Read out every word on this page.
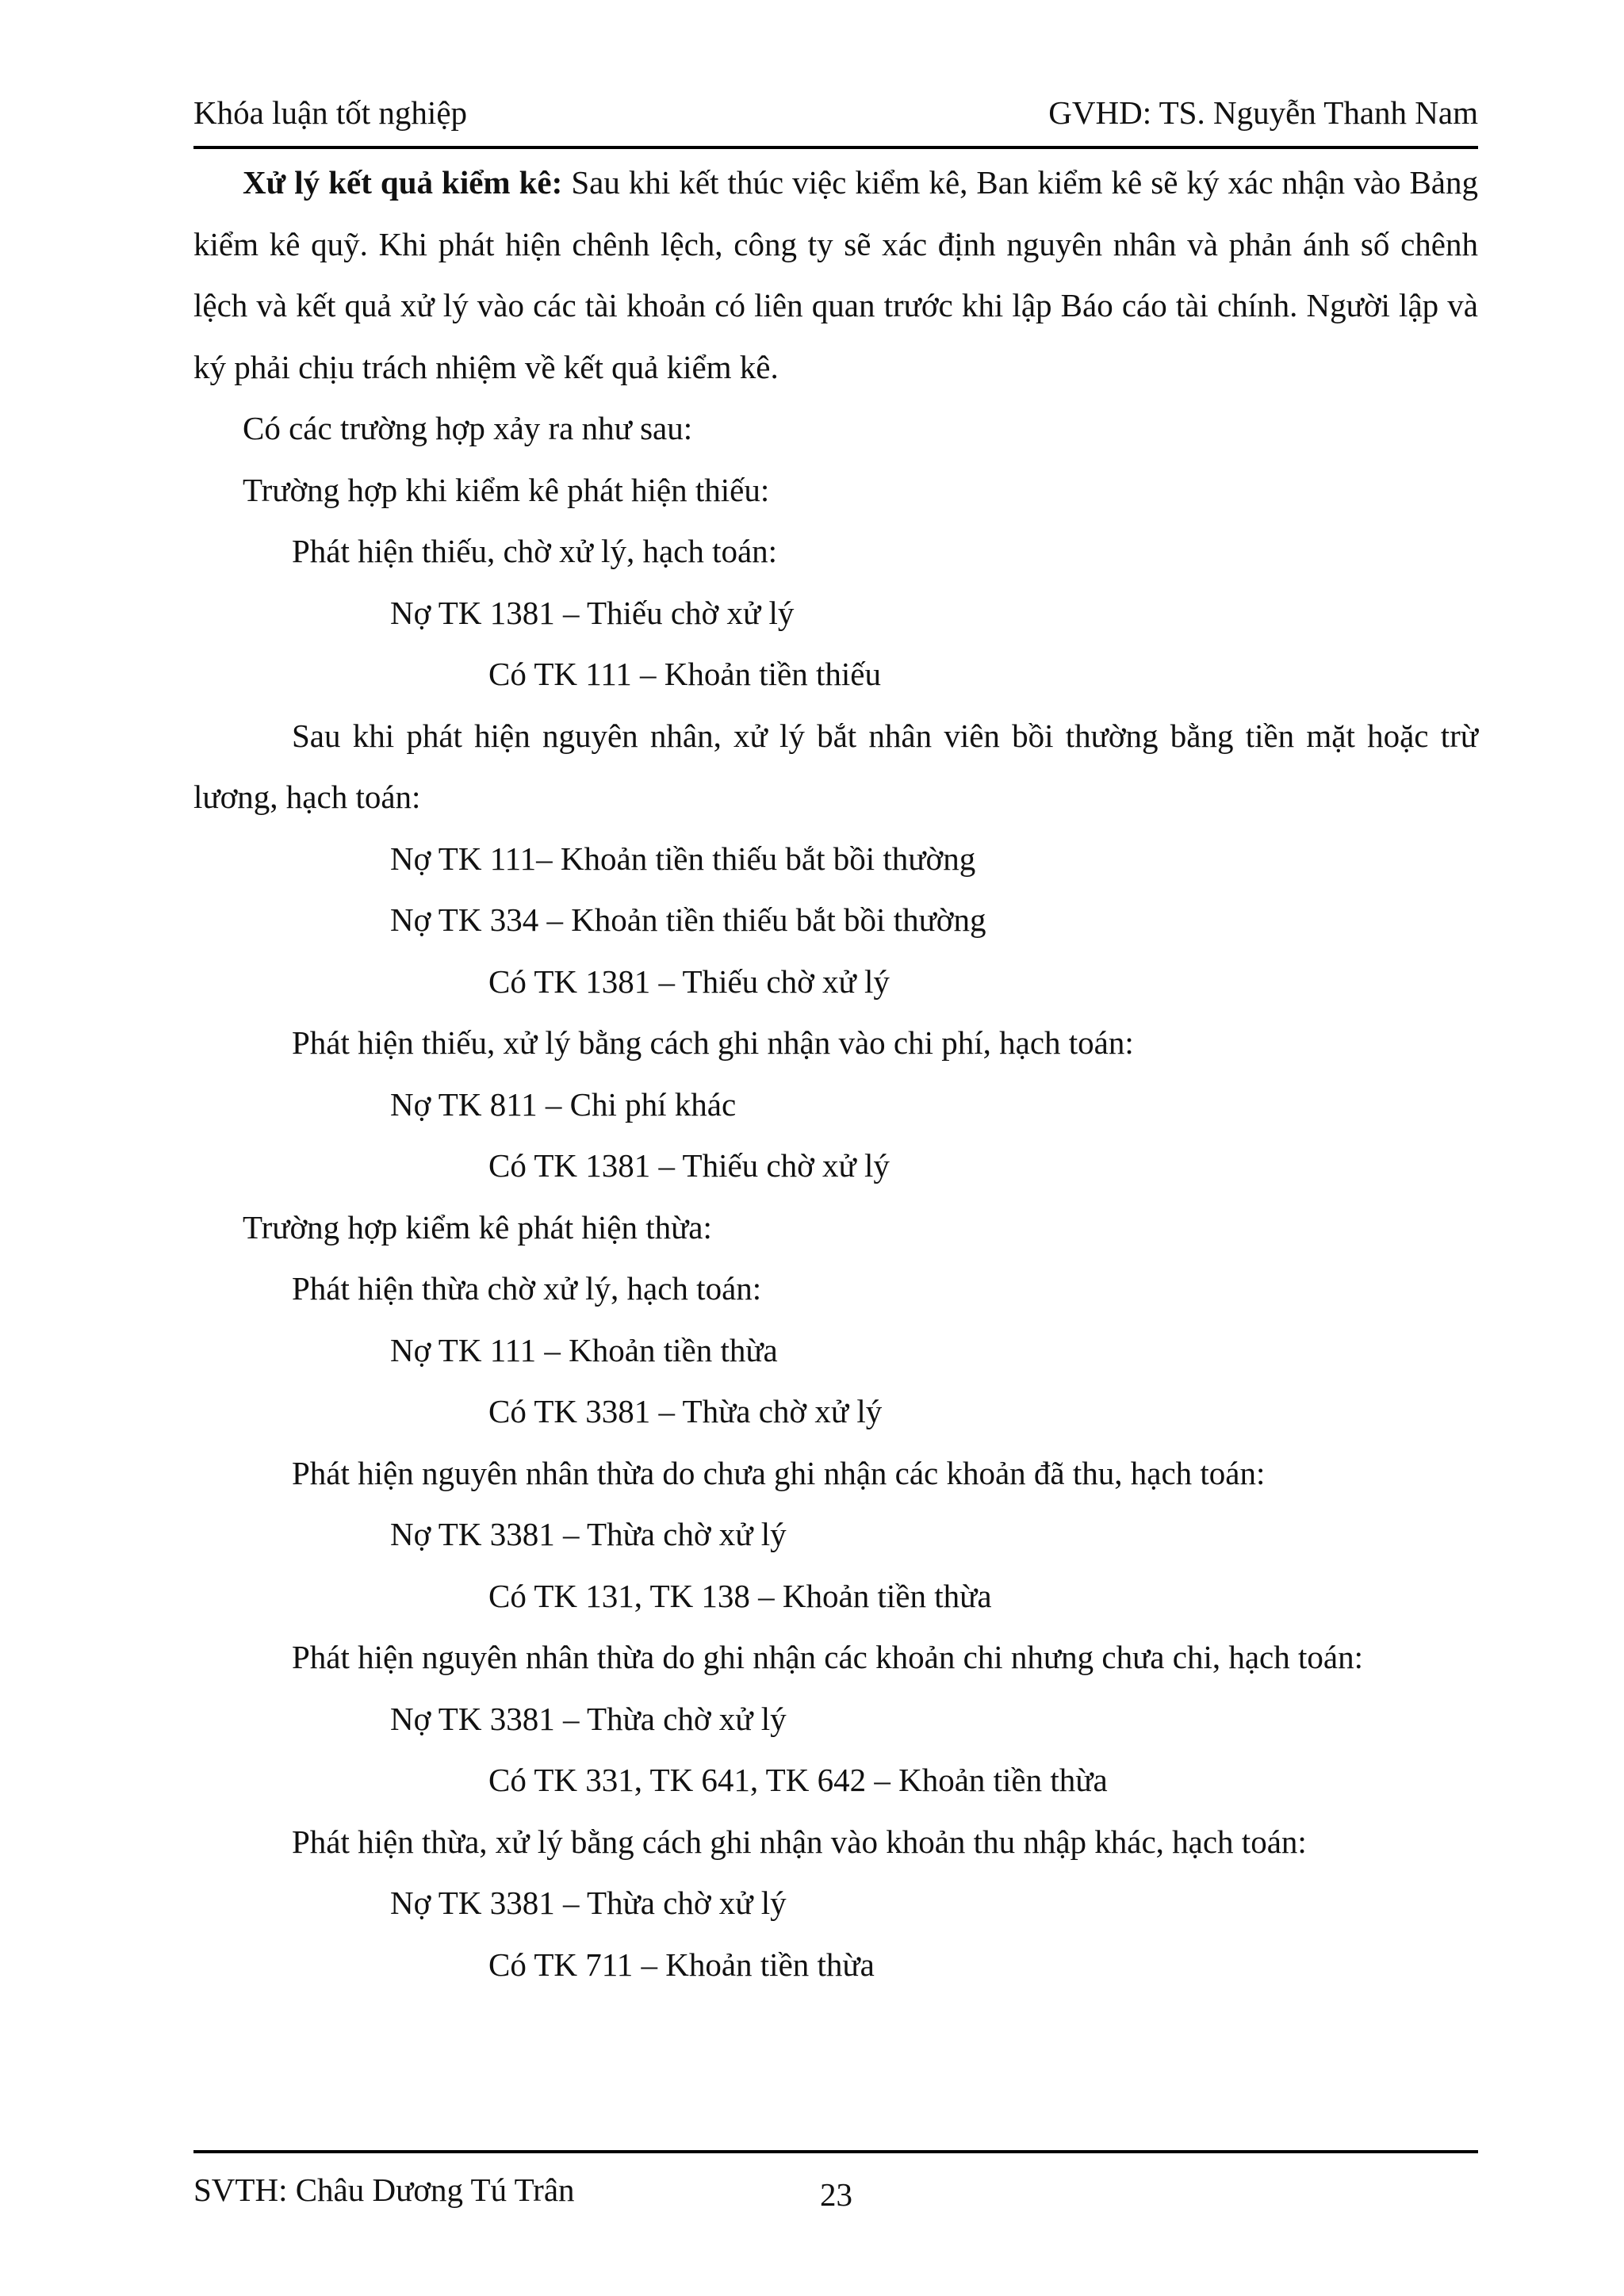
Khóa luận tốt nghiệp	GVHD: TS. Nguyễn Thanh Nam

Xử lý kết quả kiểm kê: Sau khi kết thúc việc kiểm kê, Ban kiểm kê sẽ ký xác nhận vào Bảng kiểm kê quỹ. Khi phát hiện chênh lệch, công ty sẽ xác định nguyên nhân và phản ánh số chênh lệch và kết quả xử lý vào các tài khoản có liên quan trước khi lập Báo cáo tài chính. Người lập và ký phải chịu trách nhiệm về kết quả kiểm kê.

Có các trường hợp xảy ra như sau:

Trường hợp khi kiểm kê phát hiện thiếu:

Phát hiện thiếu, chờ xử lý, hạch toán:

Nợ TK 1381 – Thiếu chờ xử lý

Có TK 111 – Khoản tiền thiếu

Sau khi phát hiện nguyên nhân, xử lý bắt nhân viên bồi thường bằng tiền mặt hoặc trừ lương, hạch toán:

Nợ TK 111– Khoản tiền thiếu bắt bồi thường

Nợ TK 334 – Khoản tiền thiếu bắt bồi thường

Có TK 1381 – Thiếu chờ xử lý

Phát hiện thiếu, xử lý bằng cách ghi nhận vào chi phí, hạch toán:

Nợ TK 811 – Chi phí khác

Có TK 1381 – Thiếu chờ xử lý

Trường hợp kiểm kê phát hiện thừa:

Phát hiện thừa chờ xử lý, hạch toán:

Nợ TK 111 – Khoản tiền thừa

Có TK 3381 – Thừa chờ xử lý

Phát hiện nguyên nhân thừa do chưa ghi nhận các khoản đã thu, hạch toán:

Nợ TK 3381 – Thừa chờ xử lý

Có TK 131, TK 138 – Khoản tiền thừa

Phát hiện nguyên nhân thừa do ghi nhận các khoản chi nhưng chưa chi, hạch toán:

Nợ TK 3381 – Thừa chờ xử lý

Có TK 331, TK 641, TK 642 – Khoản tiền thừa

Phát hiện thừa, xử lý bằng cách ghi nhận vào khoản thu nhập khác, hạch toán:

Nợ TK 3381 – Thừa chờ xử lý

Có TK 711 – Khoản tiền thừa

SVTH: Châu Dương Tú Trân	23
